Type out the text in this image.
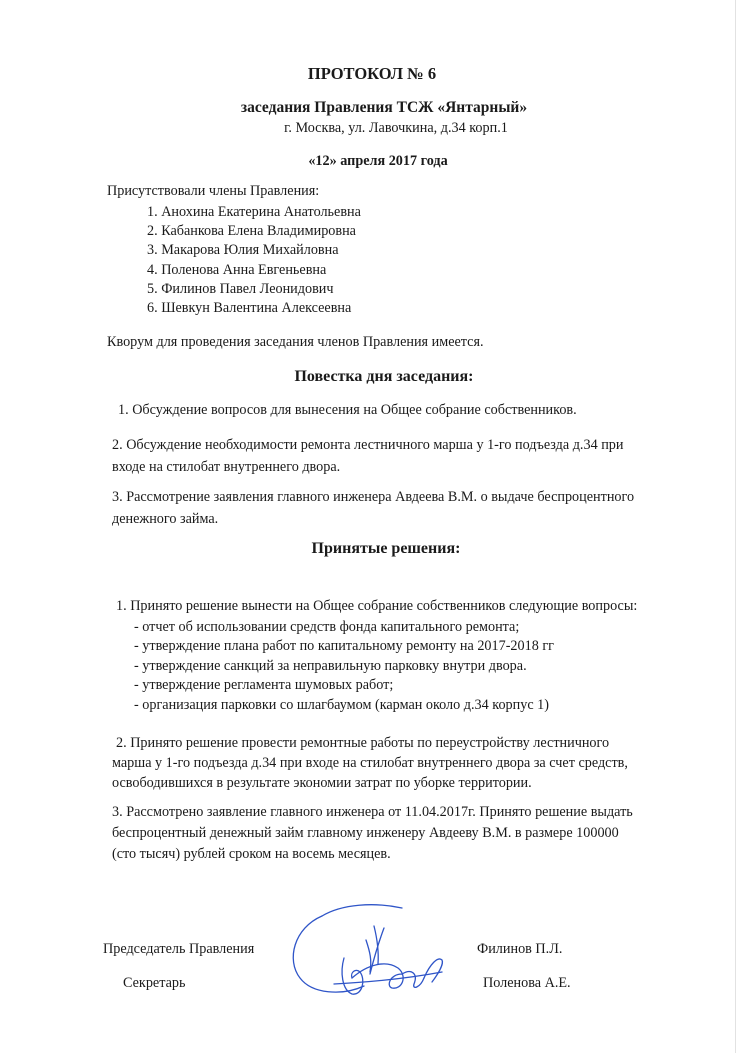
ПРОТОКОЛ № 6
заседания Правления ТСЖ «Янтарный»
г. Москва, ул. Лавочкина, д.34 корп.1
«12» апреля 2017 года
Присутствовали члены Правления:
1. Анохина Екатерина Анатольевна
2. Кабанкова Елена Владимировна
3. Макарова Юлия Михайловна
4. Поленова Анна Евгеньевна
5. Филинов Павел Леонидович
6. Шевкун Валентина Алексеевна
Кворум для проведения заседания членов Правления имеется.
Повестка дня заседания:
1. Обсуждение вопросов для вынесения на Общее собрание собственников.
2. Обсуждение необходимости ремонта лестничного марша у 1-го подъезда д.34 при
входе на стилобат внутреннего двора.
3. Рассмотрение заявления главного инженера Авдеева В.М. о выдаче беспроцентного
денежного займа.
Принятые решения:
1. Принято решение вынести на Общее собрание собственников следующие вопросы:
- отчет об использовании средств фонда капитального ремонта;
- утверждение плана работ по капитальному ремонту на 2017-2018 гг
- утверждение санкций за неправильную парковку внутри двора.
- утверждение регламента шумовых работ;
- организация парковки со шлагбаумом (карман около д.34 корпус 1)
2. Принято решение провести ремонтные работы по переустройству лестничного
марша у 1-го подъезда д.34 при входе на стилобат внутреннего двора за счет средств,
освободившихся в результате экономии затрат по уборке территории.
3. Рассмотрено заявление главного инженера от 11.04.2017г. Принято решение выдать
беспроцентный денежный займ главному инженеру Авдееву В.М. в размере 100000
(сто тысяч) рублей сроком на восемь месяцев.
Председатель Правления	Филинов П.Л.
Секретарь	Поленова А.Е.
